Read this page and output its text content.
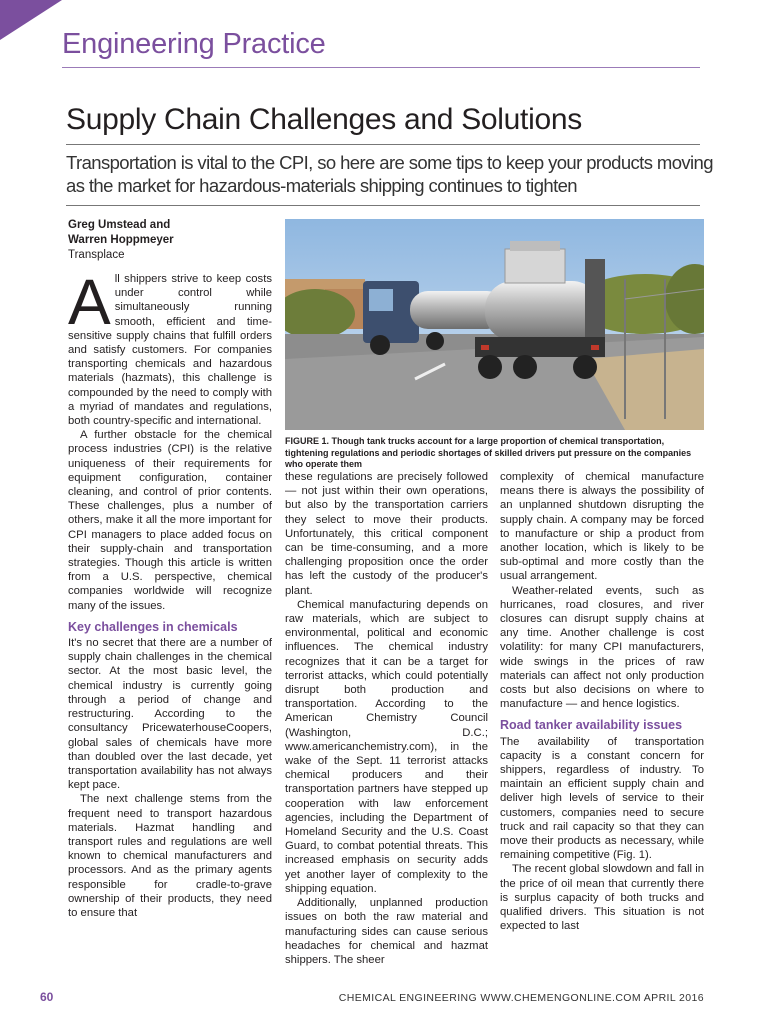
Engineering Practice
Supply Chain Challenges and Solutions
Transportation is vital to the CPI, so here are some tips to keep your products moving as the market for hazardous-materials shipping continues to tighten
Greg Umstead and
Warren Hoppmeyer
Transplace

All shippers strive to keep costs under control while simultaneously running smooth, efficient and time-sensitive supply chains that fulfill orders and satisfy customers. For companies transporting chemicals and hazardous materials (hazmats), this challenge is compounded by the need to comply with a myriad of mandates and regulations, both country-specific and international.

A further obstacle for the chemical process industries (CPI) is the relative uniqueness of their requirements for equipment configuration, container cleaning, and control of prior contents. These challenges, plus a number of others, make it all the more important for CPI managers to place added focus on their supply-chain and transportation strategies. Though this article is written from a U.S. perspective, chemical companies worldwide will recognize many of the issues.

Key challenges in chemicals

It's no secret that there are a number of supply chain challenges in the chemical sector. At the most basic level, the chemical industry is currently going through a period of change and restructuring. According to the consultancy PricewaterhouseCoopers, global sales of chemicals have more than doubled over the last decade, yet transportation availability has not always kept pace.

The next challenge stems from the frequent need to transport hazardous materials. Hazmat handling and transport rules and regulations are well known to chemical manufacturers and processors. And as the primary agents responsible for cradle-to-grave ownership of their products, they need to ensure that

FIGURE 1. Though tank trucks account for a large proportion of chemical transportation, tightening regulations and periodic shortages of skilled drivers put pressure on the companies who operate them

these regulations are precisely followed — not just within their own operations, but also by the transportation carriers they select to move their products. Unfortunately, this critical component can be time-consuming, and a more challenging proposition once the order has left the custody of the producer's plant.

Chemical manufacturing depends on raw materials, which are subject to environmental, political and economic influences. The chemical industry recognizes that it can be a target for terrorist attacks, which could potentially disrupt both production and transportation. According to the American Chemistry Council (Washington, D.C.; www.americanchemistry.com), in the wake of the Sept. 11 terrorist attacks chemical producers and their transportation partners have stepped up cooperation with law enforcement agencies, including the Department of Homeland Security and the U.S. Coast Guard, to combat potential threats. This increased emphasis on security adds yet another layer of complexity to the shipping equation.

Additionally, unplanned production issues on both the raw material and manufacturing sides can cause serious headaches for chemical and hazmat shippers. The sheer

complexity of chemical manufacture means there is always the possibility of an unplanned shutdown disrupting the supply chain. A company may be forced to manufacture or ship a product from another location, which is likely to be sub-optimal and more costly than the usual arrangement.

Weather-related events, such as hurricanes, road closures, and river closures can disrupt supply chains at any time. Another challenge is cost volatility: for many CPI manufacturers, wide swings in the prices of raw materials can affect not only production costs but also decisions on where to manufacture — and hence logistics.

Road tanker availability issues

The availability of transportation capacity is a constant concern for shippers, regardless of industry. To maintain an efficient supply chain and deliver high levels of service to their customers, companies need to secure truck and rail capacity so that they can move their products as necessary, while remaining competitive (Fig. 1).

The recent global slowdown and fall in the price of oil mean that currently there is surplus capacity of both trucks and qualified drivers. This situation is not expected to last

60	CHEMICAL ENGINEERING WWW.CHEMENGONLINE.COM APRIL 2016
